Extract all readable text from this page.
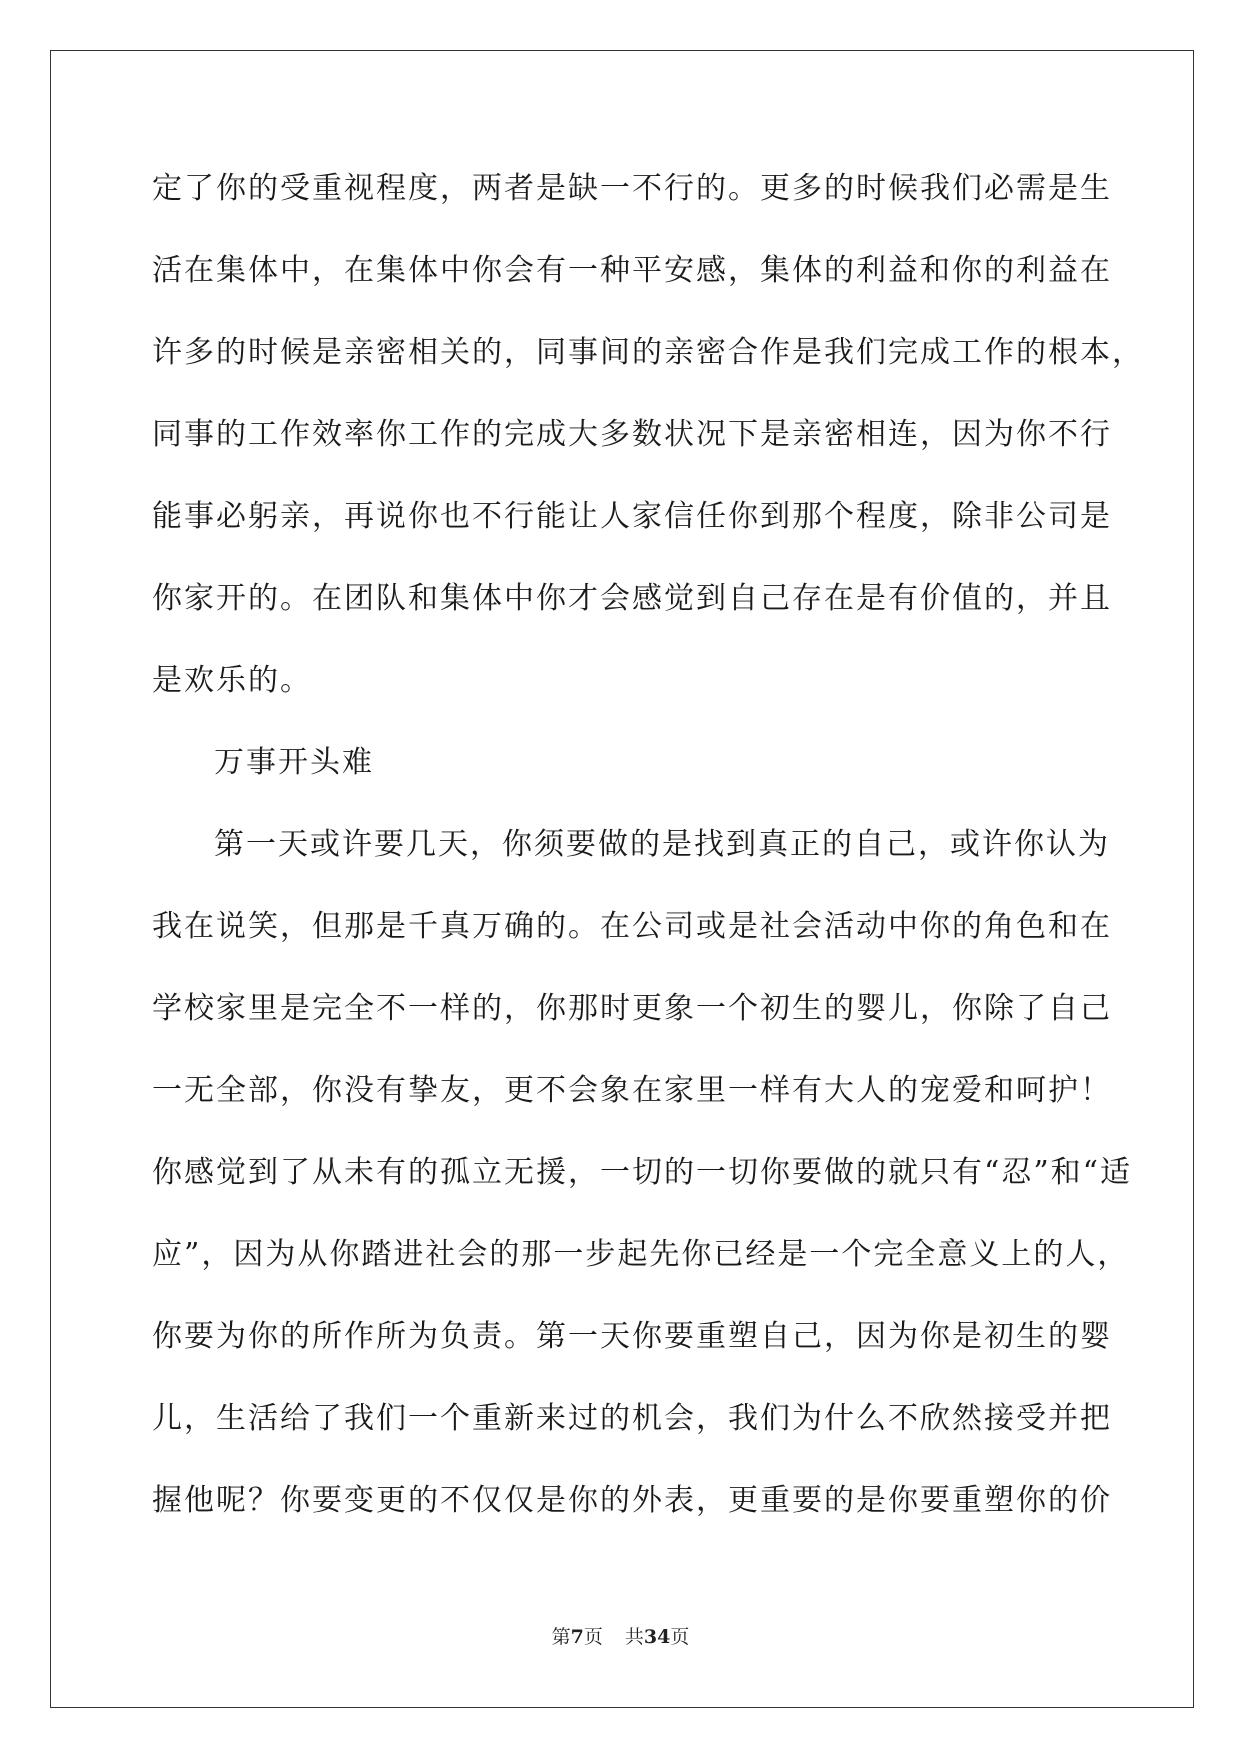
定了你的受重视程度，两者是缺一不行的。更多的时候我们必需是生
活在集体中，在集体中你会有一种平安感，集体的利益和你的利益在
许多的时候是亲密相关的，同事间的亲密合作是我们完成工作的根本，
同事的工作效率你工作的完成大多数状况下是亲密相连，因为你不行
能事必躬亲，再说你也不行能让人家信任你到那个程度，除非公司是
你家开的。在团队和集体中你才会感觉到自己存在是有价值的，并且
是欢乐的。
万事开头难
第一天或许要几天，你须要做的是找到真正的自己，或许你认为
我在说笑，但那是千真万确的。在公司或是社会活动中你的角色和在
学校家里是完全不一样的，你那时更象一个初生的婴儿，你除了自己
一无全部，你没有挚友，更不会象在家里一样有大人的宠爱和呵护！
你感觉到了从未有的孤立无援，一切的一切你要做的就只有“忍”和“适
应”，因为从你踏进社会的那一步起先你已经是一个完全意义上的人，
你要为你的所作所为负责。第一天你要重塑自己，因为你是初生的婴
儿，生活给了我们一个重新来过的机会，我们为什么不欣然接受并把
握他呢？你要变更的不仅仅是你的外表，更重要的是你要重塑你的价
第7页 共34页
